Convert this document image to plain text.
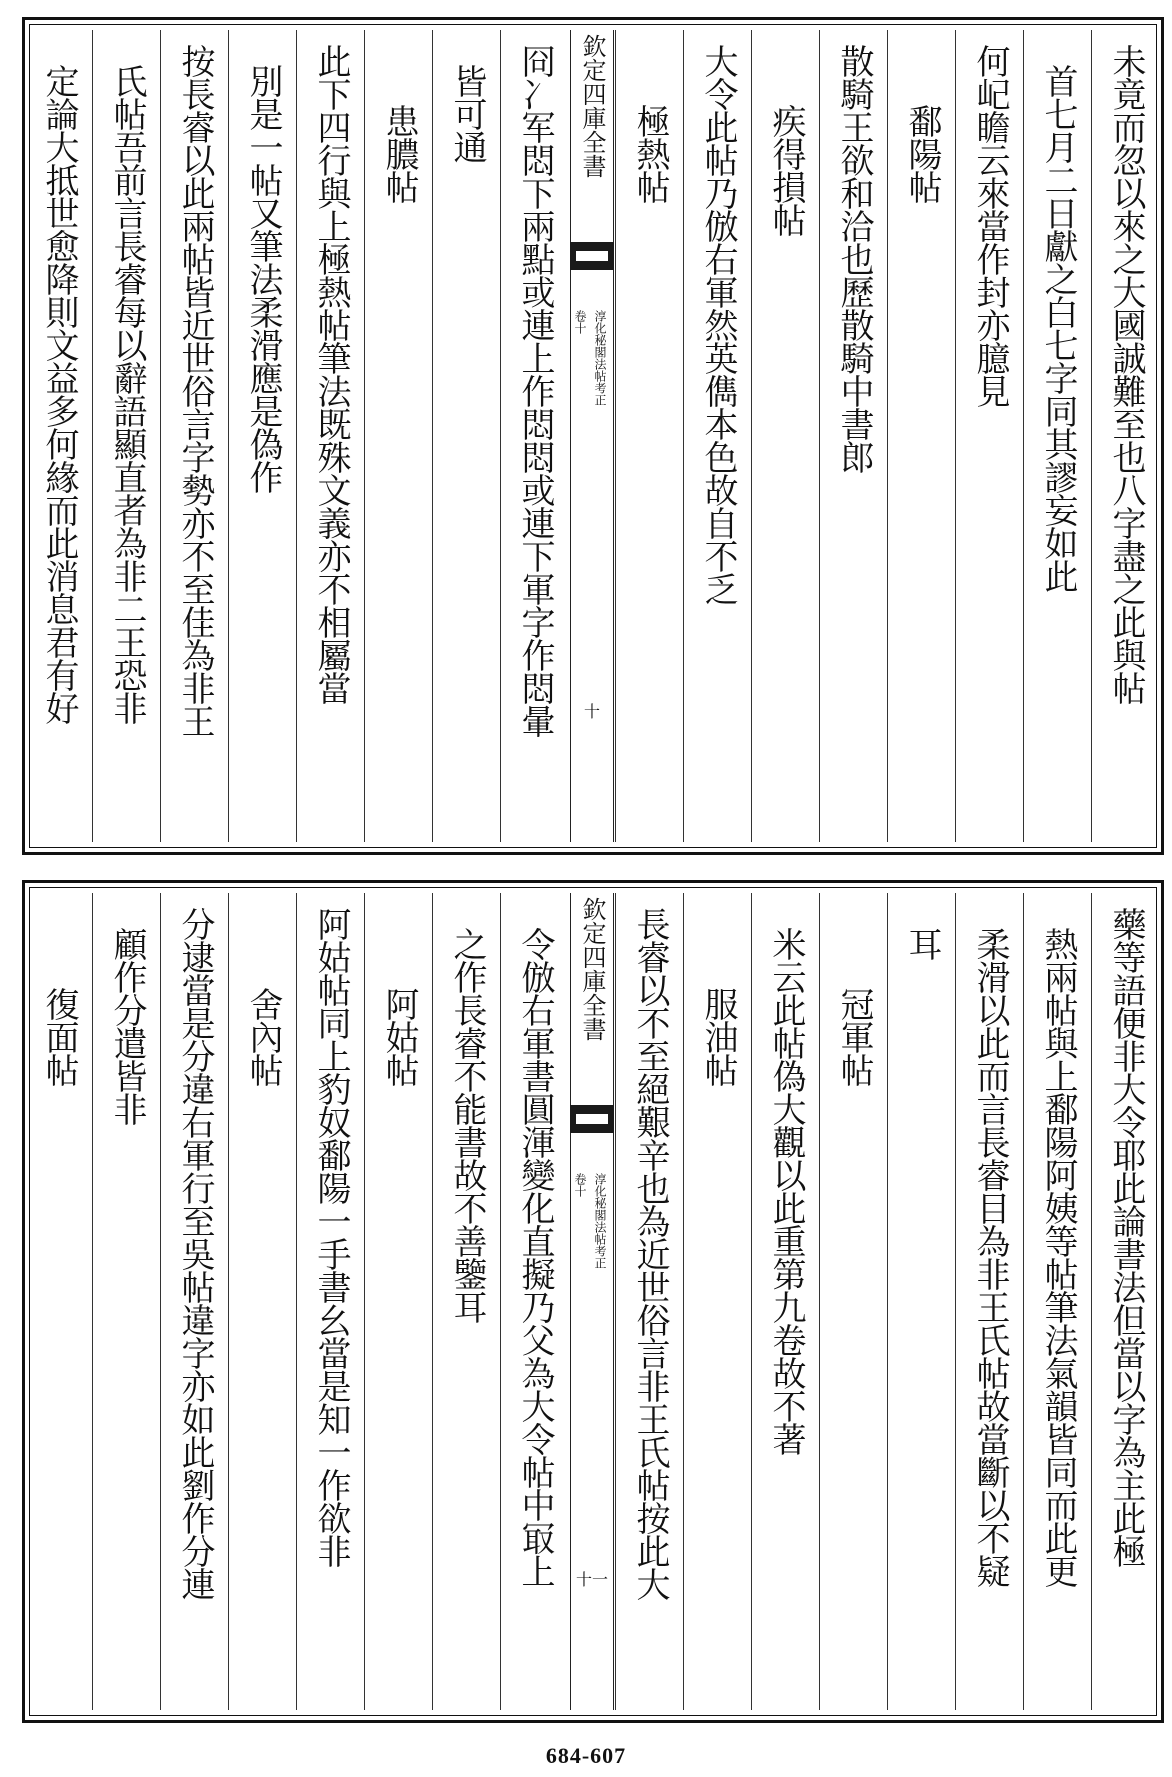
未竟而忽以來之大國誠難至也八字盡之此與帖
首七月二日獻之白七字同其謬妄如此
何屺瞻云來當作封亦臆見
鄱陽帖
散騎王欲和洽也歷散騎中書郎
疾得損帖
大令此帖乃倣右軍然英儁本色故自不乏
極熱帖
欽定四庫全書
淳化秘閣法帖考正
卷十
十
冏冫军悶下兩點或連上作悶悶或連下軍字作悶暈
皆可通
患膿帖
此下四行與上極熱帖筆法既殊文義亦不相屬當
別是一帖又筆法柔滑應是偽作
按長睿以此兩帖皆近世俗言字勢亦不至佳為非王
氏帖吾前言長睿每以辭語顯直者為非二王恐非
定論大抵世愈降則文益多何緣而此消息君有好
藥等語便非大令耶此論書法但當以字為主此極
熱兩帖與上鄱陽阿姨等帖筆法氣韻皆同而此更
柔滑以此而言長睿目為非王氏帖故當斷以不疑
耳
冠軍帖
米云此帖偽大觀以此重第九卷故不著
服油帖
長睿以不至絕艱辛也為近世俗言非王氏帖按此大
欽定四庫全書
淳化秘閣法帖考正
卷十
十一
令倣右軍書圓渾變化直擬乃父為大令帖中冣上
之作長睿不能書故不善鑒耳
阿姑帖
阿姑帖同上豹奴鄱陽一手書幺當是知一作欲非
舍內帖
分逮當是分違右軍行至吳帖違字亦如此劉作分連
顧作分遣皆非
復面帖
684-607
